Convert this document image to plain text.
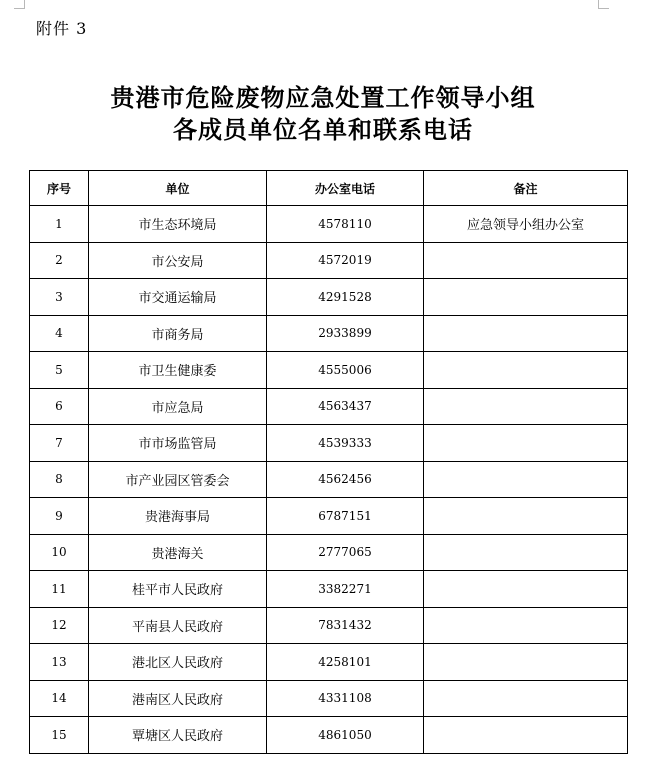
附件 3
贵港市危险废物应急处置工作领导小组
各成员单位名单和联系电话
序号	单位	办公室电话	备注
1	市生态环境局	4578110	应急领导小组办公室
2	市公安局	4572019	
3	市交通运输局	4291528	
4	市商务局	2933899	
5	市卫生健康委	4555006	
6	市应急局	4563437	
7	市市场监管局	4539333	
8	市产业园区管委会	4562456	
9	贵港海事局	6787151	
10	贵港海关	2777065	
11	桂平市人民政府	3382271	
12	平南县人民政府	7831432	
13	港北区人民政府	4258101	
14	港南区人民政府	4331108	
15	覃塘区人民政府	4861050	
